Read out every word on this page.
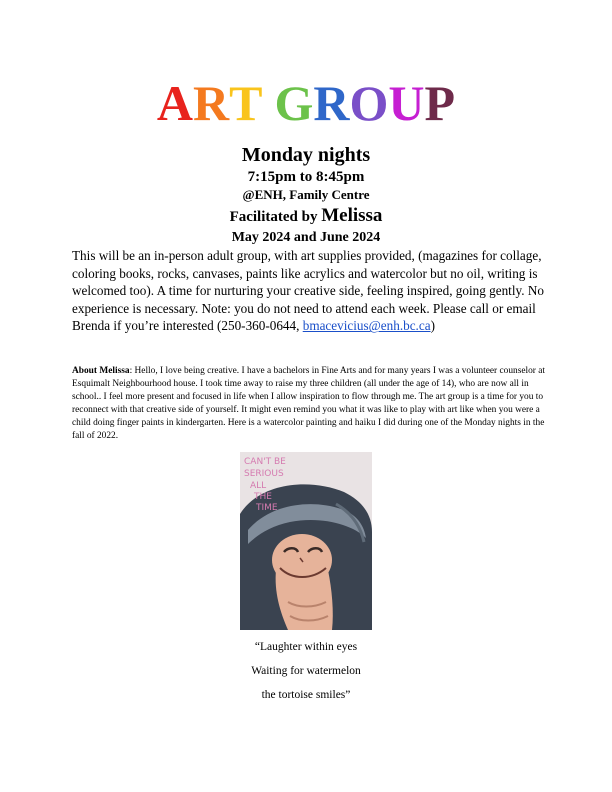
ART GROUP
Monday nights
7:15pm to 8:45pm
@ENH, Family Centre
Facilitated by Melissa
May 2024 and June 2024

This will be an in-person adult group, with art supplies provided, (magazines for collage, coloring books, rocks, canvases, paints like acrylics and watercolor but no oil, writing is welcomed too). A time for nurturing your creative side, feeling inspired, going gently. No experience is necessary. Note: you do not need to attend each week. Please call or email Brenda if you’re interested (250-360-0644, bmacevicius@enh.bc.ca)

About Melissa: Hello, I love being creative. I have a bachelors in Fine Arts and for many years I was a volunteer counselor at Esquimalt Neighbourhood house. I took time away to raise my three children (all under the age of 14), who are now all in school.. I feel more present and focused in life when I allow inspiration to flow through me. The art group is a time for you to reconnect with that creative side of yourself. It might even remind you what it was like to play with art like when you were a child doing finger paints in kindergarten. Here is a watercolor painting and haiku I did during one of the Monday nights in the fall of 2022.

CAN'T BE
SERIOUS
ALL
THE
TIME
“Laughter within eyes
Waiting for watermelon
the tortoise smiles”
